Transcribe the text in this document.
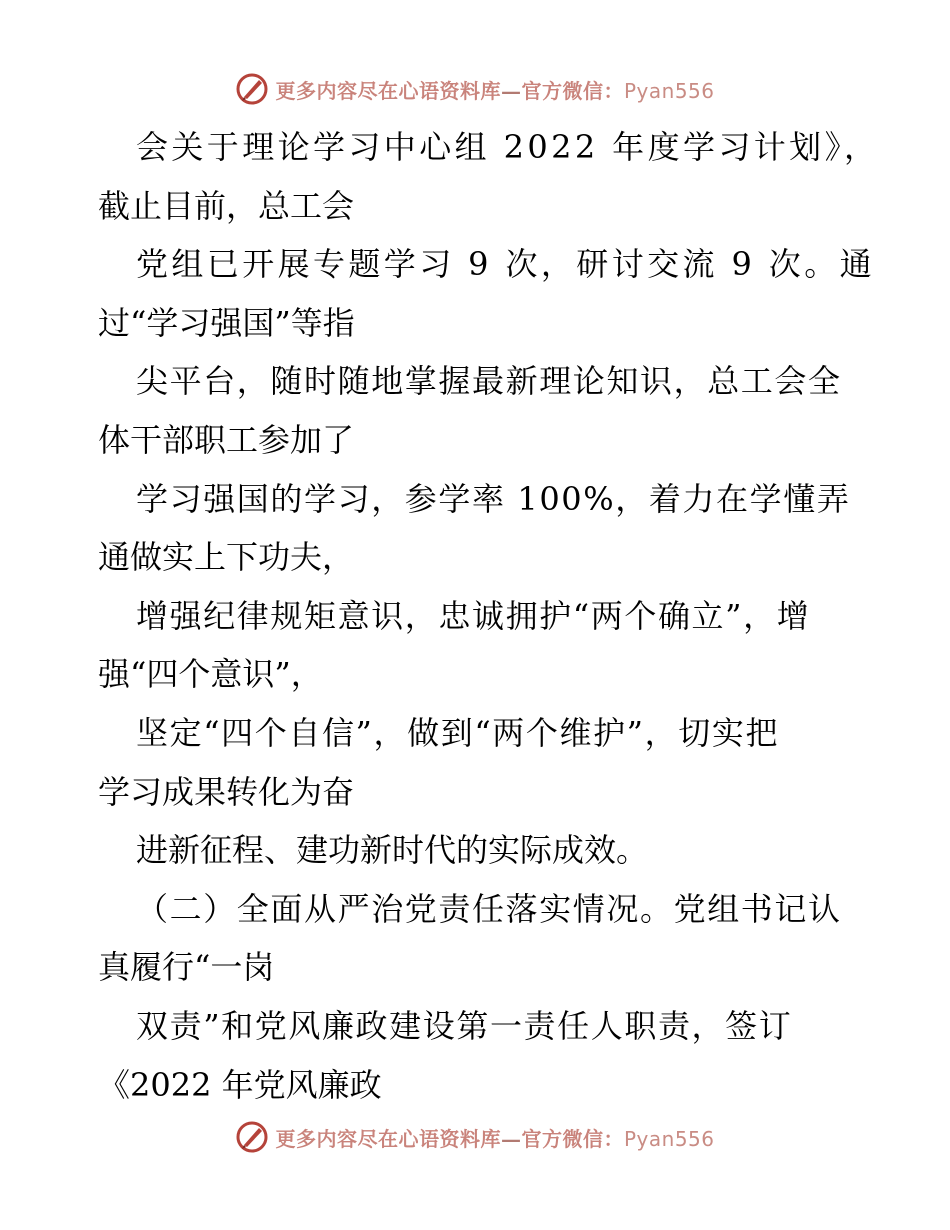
更多内容尽在心语资料库—官方微信：Pyan556
会关于理论学习中心组 2022 年度学习计划》，
截止目前，总工会
党组已开展专题学习 9 次，研讨交流 9 次。通
过“学习强国”等指
尖平台，随时随地掌握最新理论知识，总工会全
体干部职工参加了
学习强国的学习，参学率 100%，着力在学懂弄
通做实上下功夫，
增强纪律规矩意识，忠诚拥护“两个确立”，增
强“四个意识”，
坚定“四个自信”，做到“两个维护”，切实把
学习成果转化为奋
进新征程、建功新时代的实际成效。
（二）全面从严治党责任落实情况。党组书记认
真履行“一岗
双责”和党风廉政建设第一责任人职责，签订
《2022 年党风廉政
更多内容尽在心语资料库—官方微信：Pyan556
